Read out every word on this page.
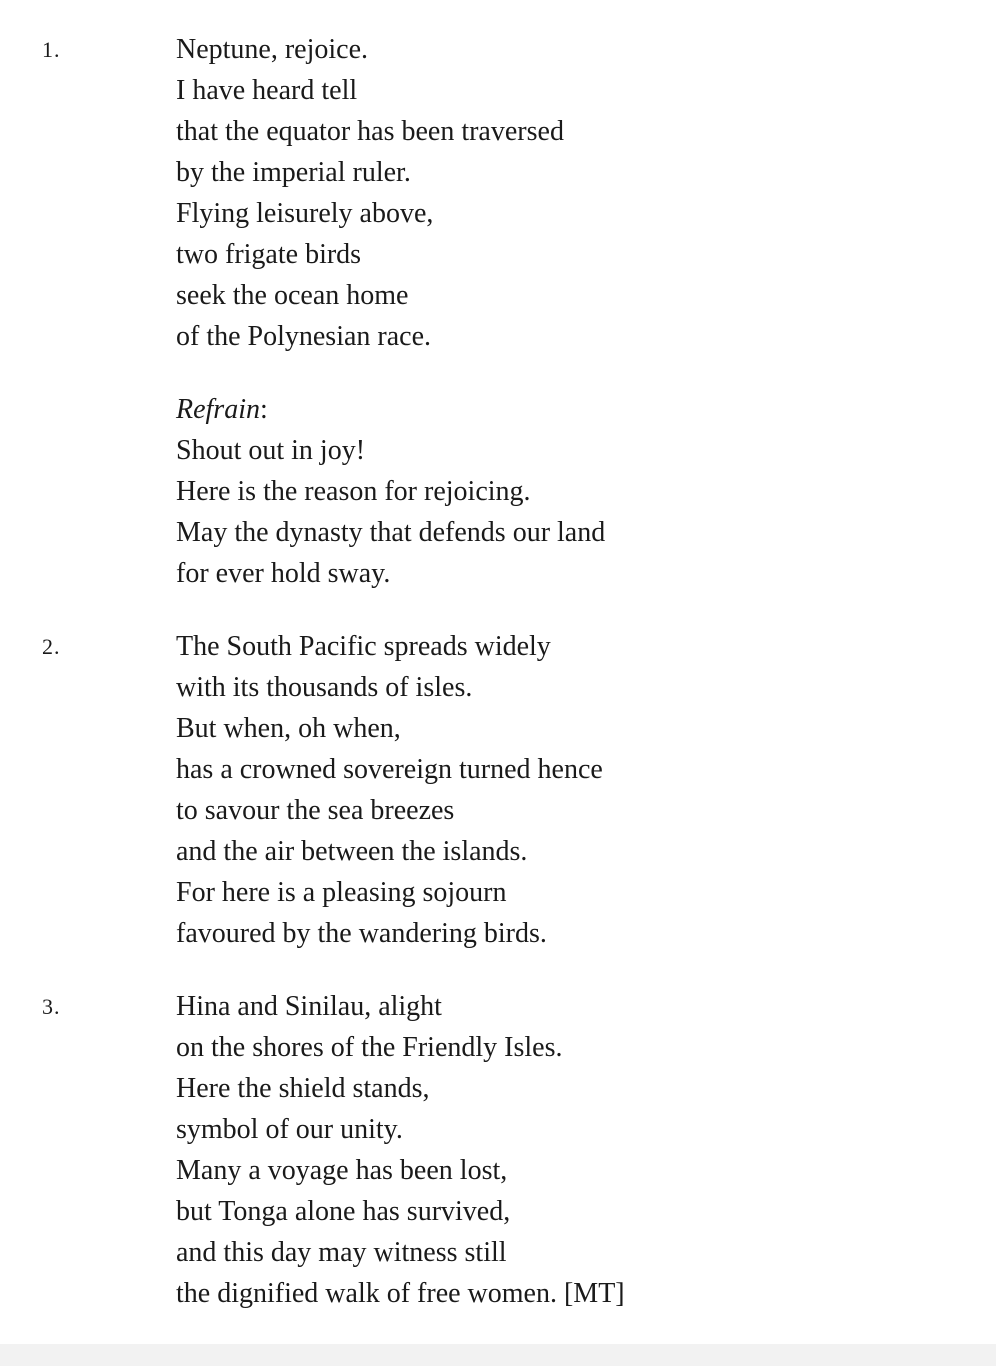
1.	Neptune, rejoice.
I have heard tell
that the equator has been traversed
by the imperial ruler.
Flying leisurely above,
two frigate birds
seek the ocean home
of the Polynesian race.
Refrain:
Shout out in joy!
Here is the reason for rejoicing.
May the dynasty that defends our land
for ever hold sway.
2.	The South Pacific spreads widely
with its thousands of isles.
But when, oh when,
has a crowned sovereign turned hence
to savour the sea breezes
and the air between the islands.
For here is a pleasing sojourn
favoured by the wandering birds.
3.	Hina and Sinilau, alight
on the shores of the Friendly Isles.
Here the shield stands,
symbol of our unity.
Many a voyage has been lost,
but Tonga alone has survived,
and this day may witness still
the dignified walk of free women. [MT]
